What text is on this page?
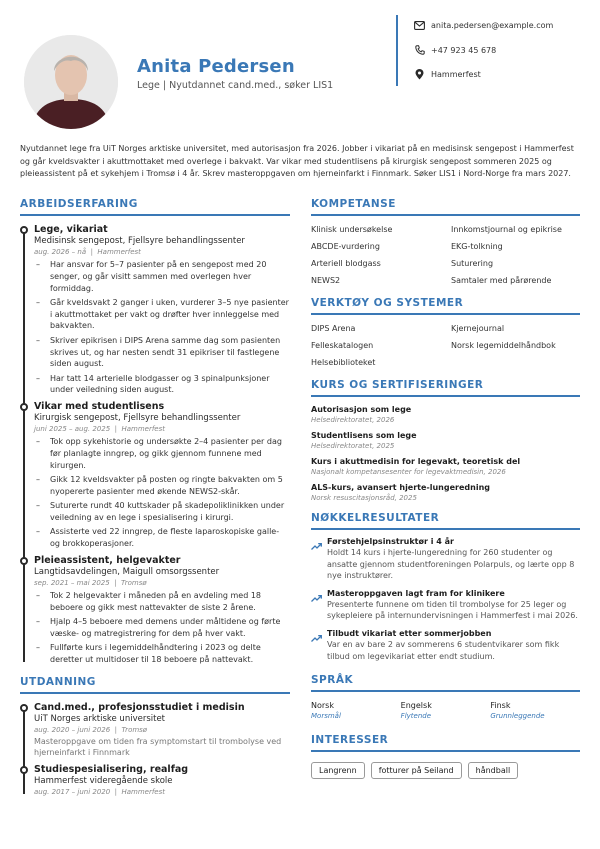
Anita Pedersen
Lege | Nyutdannet cand.med., søker LIS1
anita.pedersen@example.com
+47 923 45 678
Hammerfest
Nyutdannet lege fra UiT Norges arktiske universitet, med autorisasjon fra 2026. Jobber i vikariat på en medisinsk sengepost i Hammerfest og går kveldsvakter i akuttmottaket med overlege i bakvakt. Var vikar med studentlisens på kirurgisk sengepost sommeren 2025 og pleieassistent på et sykehjem i Tromsø i 4 år. Skrev masteroppgaven om hjerneinfarkt i Finnmark. Søker LIS1 i Nord-Norge fra mars 2027.
ARBEIDSERFARING
Lege, vikariat
Medisinsk sengepost, Fjellsyre behandlingssenter
aug. 2026 – nå  |  Hammerfest
– Har ansvar for 5–7 pasienter på en sengepost med 20 senger, og går visitt sammen med overlegen hver formiddag.
– Går kveldsvakt 2 ganger i uken, vurderer 3–5 nye pasienter i akuttmottaket per vakt og drøfter hver innleggelse med bakvakten.
– Skriver epikrisen i DIPS Arena samme dag som pasienten skrives ut, og har nesten sendt 31 epikriser til fastlegene siden august.
– Har tatt 14 arterielle blodgasser og 3 spinalpunksjoner under veiledning siden august.
Vikar med studentlisens
Kirurgisk sengepost, Fjellsyre behandlingssenter
juni 2025 – aug. 2025  |  Hammerfest
– Tok opp sykehistorie og undersøkte 2–4 pasienter per dag før planlagte inngrep, og gikk gjennom funnene med kirurgen.
– Gikk 12 kveldsvakter på posten og ringte bakvakten om 5 nyopererte pasienter med økende NEWS2-skår.
– Suturerte rundt 40 kuttskader på skadepoliklinikken under veiledning av en lege i spesialisering i kirurgi.
– Assisterte ved 22 inngrep, de fleste laparoskopiske galle- og brokkoperasjoner.
Pleieassistent, helgevakter
Langtidsavdelingen, Maigull omsorgssenter
sep. 2021 – mai 2025  |  Tromsø
– Tok 2 helgevakter i måneden på en avdeling med 18 beboere og gikk mest nattevakter de siste 2 årene.
– Hjalp 4–5 beboere med demens under måltidene og førte væske- og matregistrering for dem på hver vakt.
– Fullførte kurs i legemiddelhåndtering i 2023 og delte deretter ut multidoser til 18 beboere på nattevakt.
UTDANNING
Cand.med., profesjonsstudiet i medisin
UiT Norges arktiske universitet
aug. 2020 – juni 2026  |  Tromsø
Masteroppgave om tiden fra symptomstart til trombolyse ved hjerneinfarkt i Finnmark
Studiespesialisering, realfag
Hammerfest videregående skole
aug. 2017 – juni 2020  |  Hammerfest
KOMPETANSE
Klinisk undersøkelse	Innkomstjournal og epikrise
ABCDE-vurdering	EKG-tolkning
Arteriell blodgass	Suturering
NEWS2	Samtaler med pårørende
VERKTØY OG SYSTEMER
DIPS Arena	Kjernejournal
Felleskatalogen	Norsk legemiddelhåndbok
Helsebiblioteket
KURS OG SERTIFISERINGER
Autorisasjon som lege
Helsedirektoratet, 2026
Studentlisens som lege
Helsedirektoratet, 2025
Kurs i akuttmedisin for legevakt, teoretisk del
Nasjonalt kompetansesenter for legevaktmedisin, 2026
ALS-kurs, avansert hjerte-lungeredning
Norsk resuscitasjonsråd, 2025
NØKKELRESULTATER
Førstehjelpsinstruktør i 4 år
Holdt 14 kurs i hjerte-lungeredning for 260 studenter og ansatte gjennom studentforeningen Polarpuls, og lærte opp 8 nye instruktører.
Masteroppgaven lagt fram for klinikere
Presenterte funnene om tiden til trombolyse for 25 leger og sykepleiere på internundervisningen i Hammerfest i mai 2026.
Tilbudt vikariat etter sommerjobben
Var en av bare 2 av sommerens 6 studentvikarer som fikk tilbud om legevikariat etter endt studium.
SPRÅK
Norsk
Morsmål
Engelsk
Flytende
Finsk
Grunnleggende
INTERESSER
Langrenn	fotturer på Seiland	håndball
